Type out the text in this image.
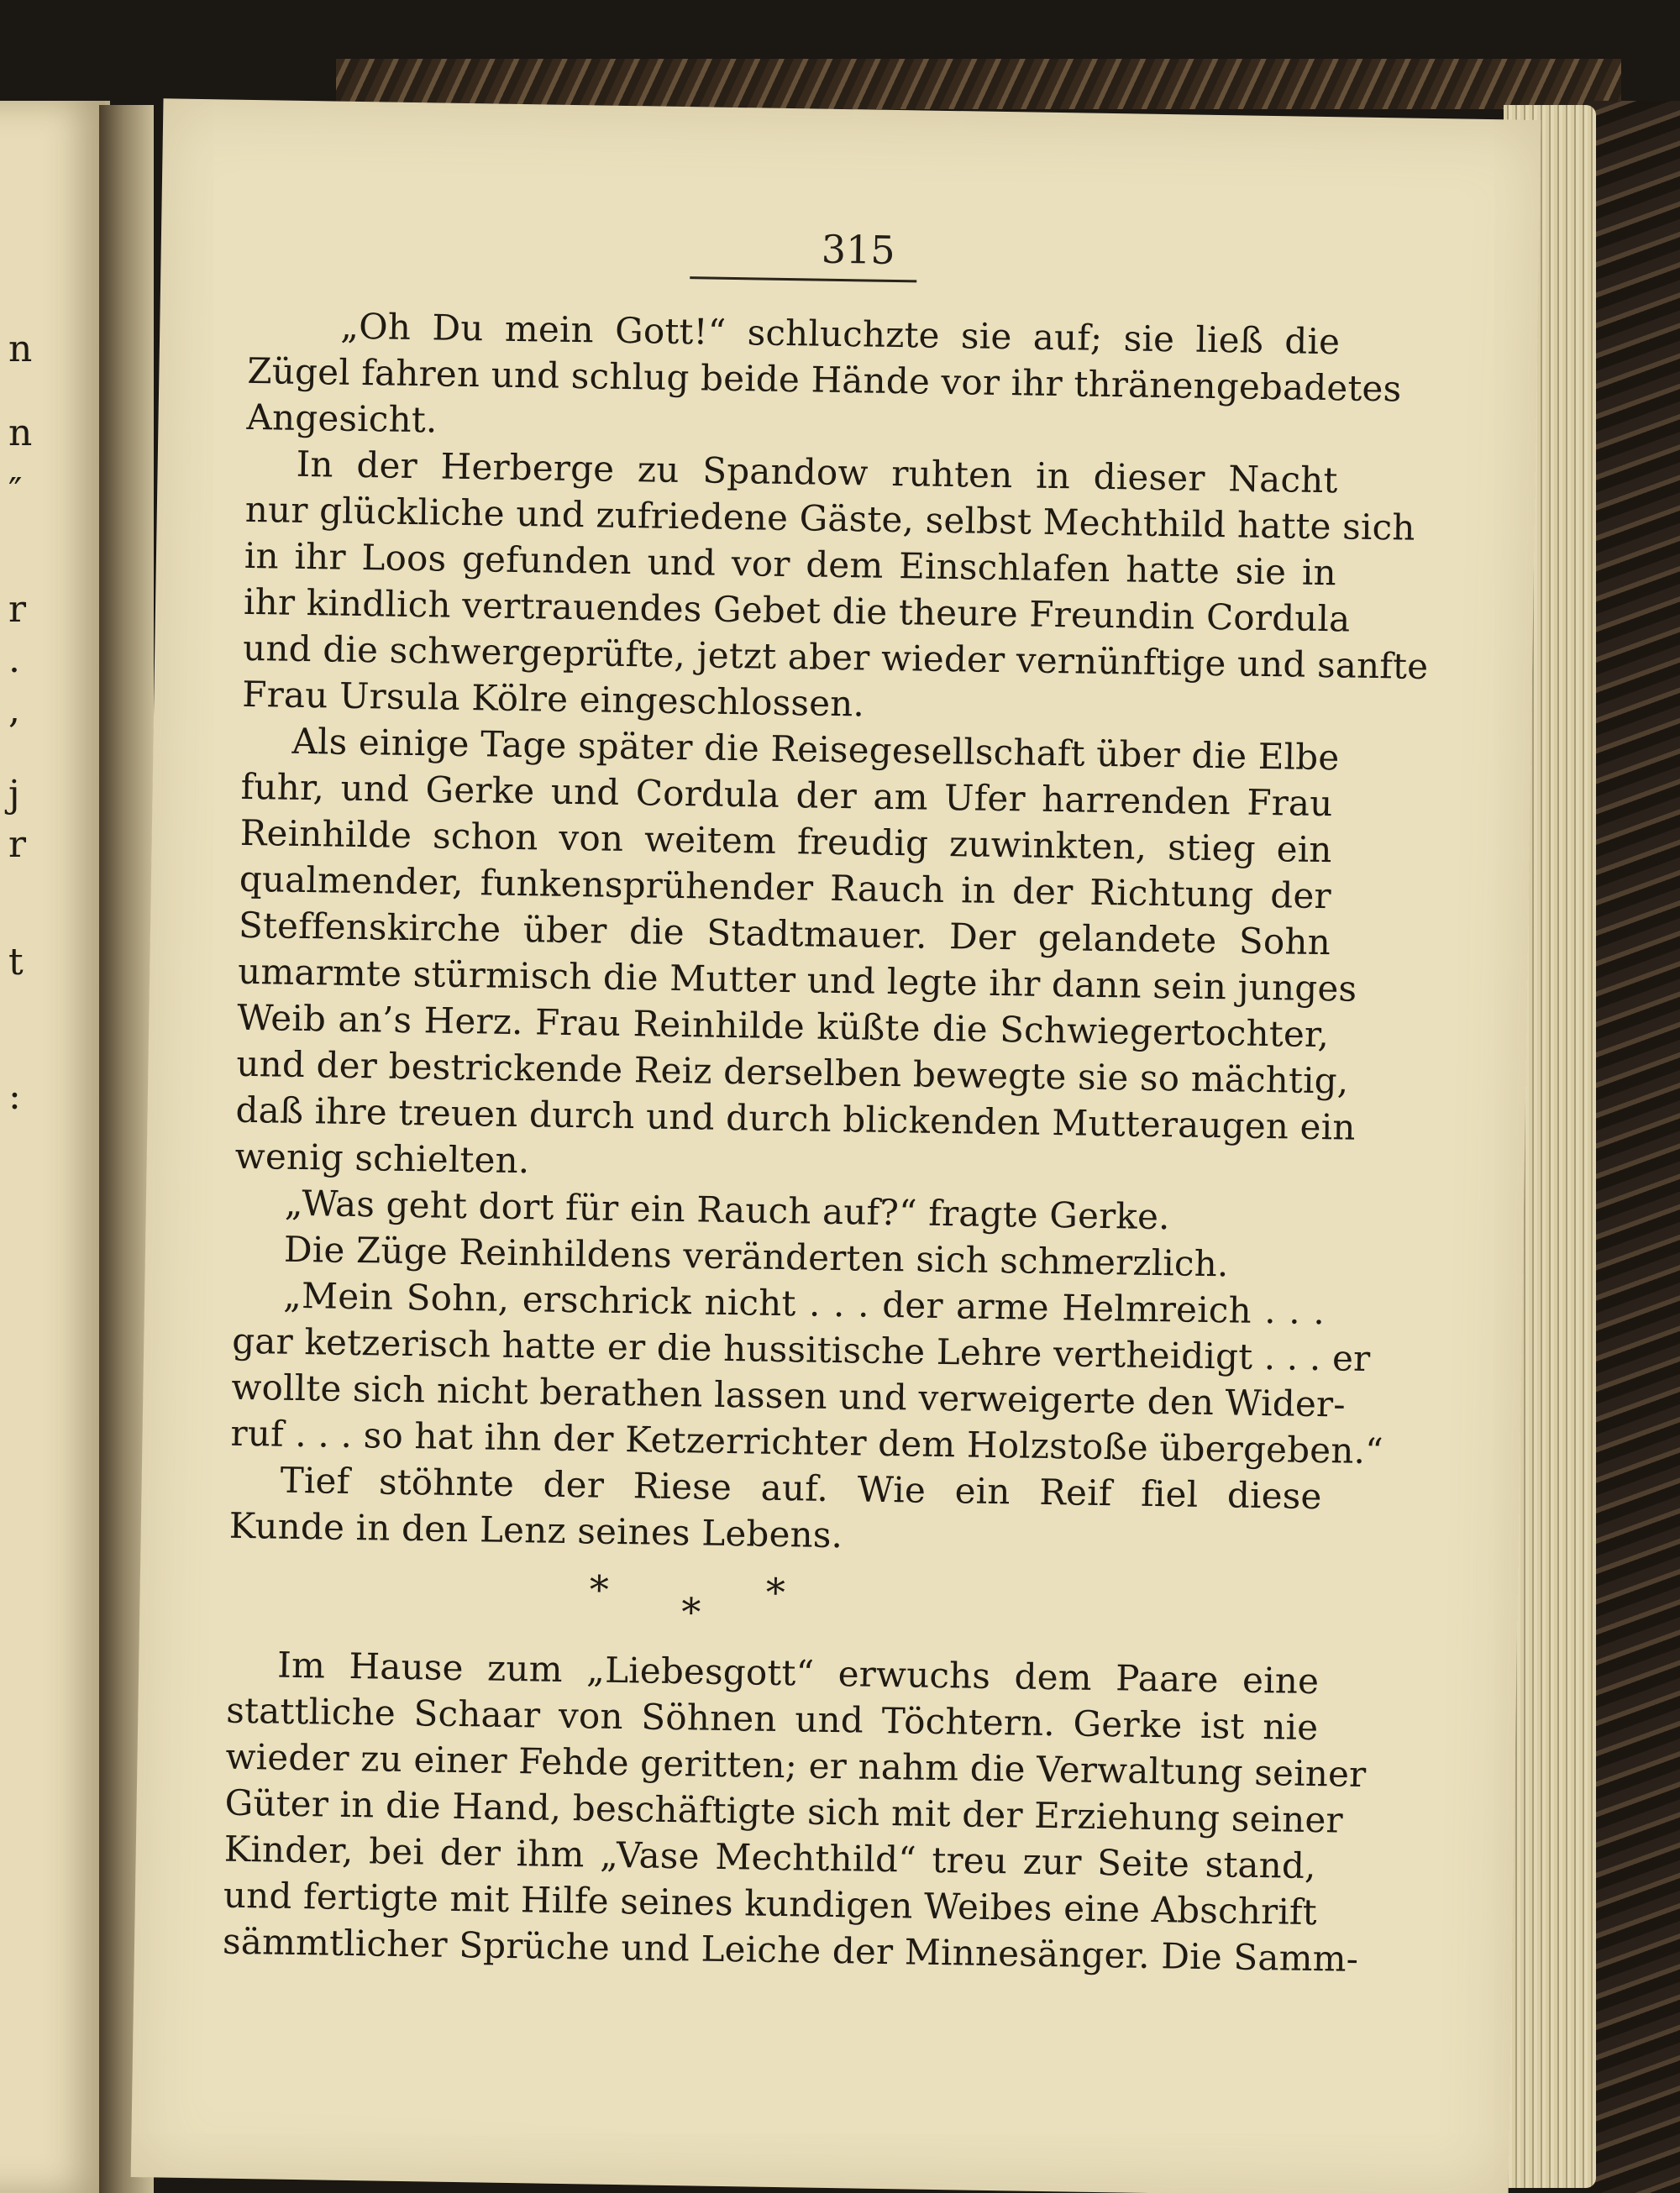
n
n
″
r
.
,
j
r
t
:
315
„Oh Du mein Gott!“ schluchzte sie auf; sie ließ die
Zügel fahren und schlug beide Hände vor ihr thränengebadetes
Angesicht.
In der Herberge zu Spandow ruhten in dieser Nacht
nur glückliche und zufriedene Gäste, selbst Mechthild hatte sich
in ihr Loos gefunden und vor dem Einschlafen hatte sie in
ihr kindlich vertrauendes Gebet die theure Freundin Cordula
und die schwergeprüfte, jetzt aber wieder vernünftige und sanfte
Frau Ursula Kölre eingeschlossen.
Als einige Tage später die Reisegesellschaft über die Elbe
fuhr, und Gerke und Cordula der am Ufer harrenden Frau
Reinhilde schon von weitem freudig zuwinkten, stieg ein
qualmender, funkensprühender Rauch in der Richtung der
Steffenskirche über die Stadtmauer. Der gelandete Sohn
umarmte stürmisch die Mutter und legte ihr dann sein junges
Weib an’s Herz. Frau Reinhilde küßte die Schwiegertochter,
und der bestrickende Reiz derselben bewegte sie so mächtig,
daß ihre treuen durch und durch blickenden Mutteraugen ein
wenig schielten.
„Was geht dort für ein Rauch auf?“ fragte Gerke.
Die Züge Reinhildens veränderten sich schmerzlich.
„Mein Sohn, erschrick nicht . . . der arme Helmreich . . .
gar ketzerisch hatte er die hussitische Lehre vertheidigt . . . er
wollte sich nicht berathen lassen und verweigerte den Wider-
ruf . . . so hat ihn der Ketzerrichter dem Holzstoße übergeben.“
Tief stöhnte der Riese auf. Wie ein Reif fiel diese
Kunde in den Lenz seines Lebens.
* * *
Im Hause zum „Liebesgott“ erwuchs dem Paare eine
stattliche Schaar von Söhnen und Töchtern. Gerke ist nie
wieder zu einer Fehde geritten; er nahm die Verwaltung seiner
Güter in die Hand, beschäftigte sich mit der Erziehung seiner
Kinder, bei der ihm „Vase Mechthild“ treu zur Seite stand,
und fertigte mit Hilfe seines kundigen Weibes eine Abschrift
sämmtlicher Sprüche und Leiche der Minnesänger. Die Samm-
